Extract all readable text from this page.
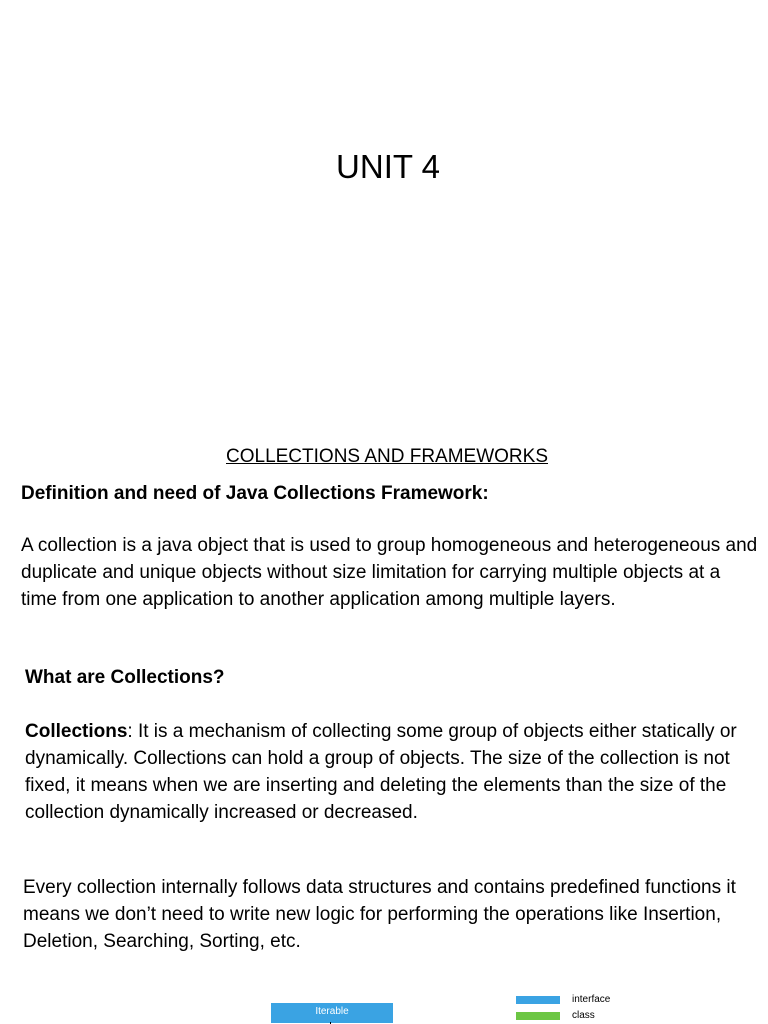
UNIT 4
COLLECTIONS AND FRAMEWORKS

Definition and need of Java Collections Framework:

A collection is a java object that is used to group homogeneous and heterogeneous and duplicate and unique objects without size limitation for carrying multiple objects at a time from one application to another application among multiple layers.

What are Collections?

Collections: It is a mechanism of collecting some group of objects either statically or dynamically. Collections can hold a group of objects. The size of the collection is not fixed, it means when we are inserting and deleting the elements than the size of the collection dynamically increased or decreased.

Every collection internally follows data structures and contains predefined functions it means we don’t need to write new logic for performing the operations like Insertion, Deletion, Searching, Sorting, etc.

Iterable
interface
class
